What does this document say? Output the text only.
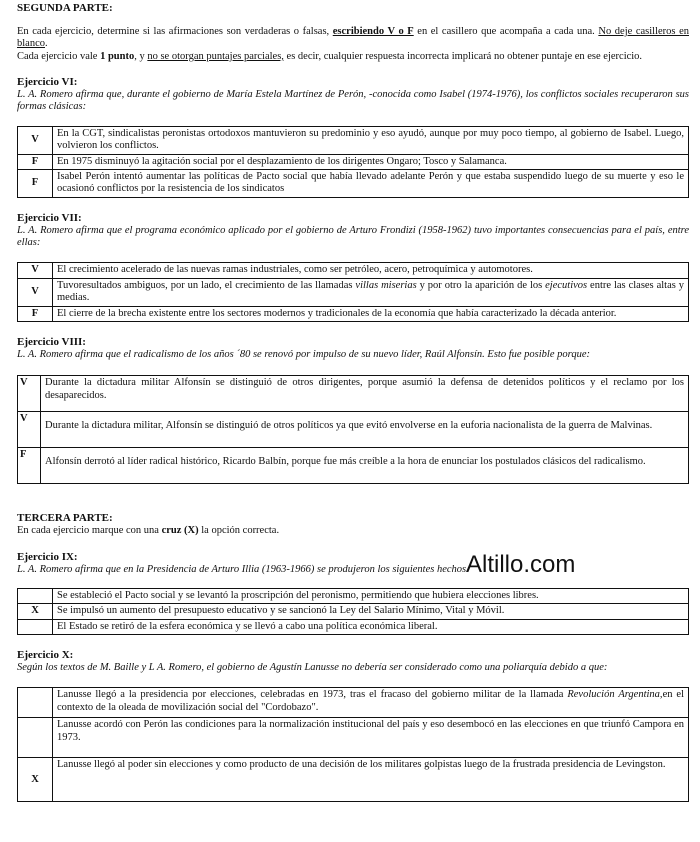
SEGUNDA PARTE:

En cada ejercicio, determine si las afirmaciones son verdaderas o falsas, escribiendo V o F en el casillero que acompaña a cada una. No deje casilleros en blanco.

Cada ejercicio vale 1 punto, y no se otorgan puntajes parciales, es decir, cualquier respuesta incorrecta implicará no obtener puntaje en ese ejercicio.

Ejercicio VI:

L. A. Romero afirma que, durante el gobierno de María Estela Martínez de Perón, -conocida como Isabel (1974-1976), los conflictos sociales recuperaron sus formas clásicas:

V	En la CGT, sindicalistas peronistas ortodoxos mantuvieron su predominio y eso ayudó, aunque por muy poco tiempo, al gobierno de Isabel. Luego, volvieron los conflictos.
F	En 1975 disminuyó la agitación social por el desplazamiento de los dirigentes Ongaro; Tosco y Salamanca.
F	Isabel Perón intentó aumentar las políticas de Pacto social que había llevado adelante Perón y que estaba suspendido luego de su muerte y eso le ocasionó conflictos por la resistencia de los sindicatos

Ejercicio VII:

L. A. Romero afirma que el programa económico aplicado por el gobierno de Arturo Frondizi (1958-1962) tuvo importantes consecuencias para el país, entre ellas:

V	El crecimiento acelerado de las nuevas ramas industriales, como ser petróleo, acero, petroquímica y automotores.
V	Tuvoresultados ambiguos, por un lado, el crecimiento de las llamadas villas miserias y por otro la aparición de los ejecutivos entre las clases altas y medias.
F	El cierre de la brecha existente entre los sectores modernos y tradicionales de la economía que había caracterizado la década anterior.

Ejercicio VIII:

L. A. Romero afirma que el radicalismo de los años ´80 se renovó por impulso de su nuevo líder, Raúl Alfonsín. Esto fue posible porque:

V	Durante la dictadura militar Alfonsín se distinguió de otros dirigentes, porque asumió la defensa de detenidos políticos y el reclamo por los desaparecidos.
V	Durante la dictadura militar, Alfonsín se distinguió de otros políticos ya que evitó envolverse en la euforia nacionalista de la guerra de Malvinas.
F	Alfonsín derrotó al líder radical histórico, Ricardo Balbín, porque fue más creíble a la hora de enunciar los postulados clásicos del radicalismo.

TERCERA PARTE:

En cada ejercicio marque con una cruz (X) la opción correcta.

Ejercicio IX:

L. A. Romero afirma que en la Presidencia de Arturo Illia (1963-1966) se produjeron los siguientes hechos.

	Se estableció el Pacto social y se levantó la proscripción del peronismo, permitiendo que hubiera elecciones libres.
X	Se impulsó un aumento del presupuesto educativo y se sancionó la Ley del Salario Mínimo, Vital y Móvil.
	El Estado se retiró de la esfera económica y se llevó a cabo una política económica liberal.

Ejercicio X:

Según los textos de M. Baille y L A. Romero, el gobierno de Agustín Lanusse no debería ser considerado como una poliarquía debido a que:

	Lanusse llegó a la presidencia por elecciones, celebradas en 1973, tras el fracaso del gobierno militar de la llamada Revolución Argentina,en el contexto de la oleada de movilización social del "Cordobazo".
	Lanusse acordó con Perón las condiciones para la normalización institucional del país y eso desembocó en las elecciones en que triunfó Campora en 1973.
X	Lanusse llegó al poder sin elecciones y como producto de una decisión de los militares golpistas luego de la frustrada presidencia de Levingston.
Altillo.com
